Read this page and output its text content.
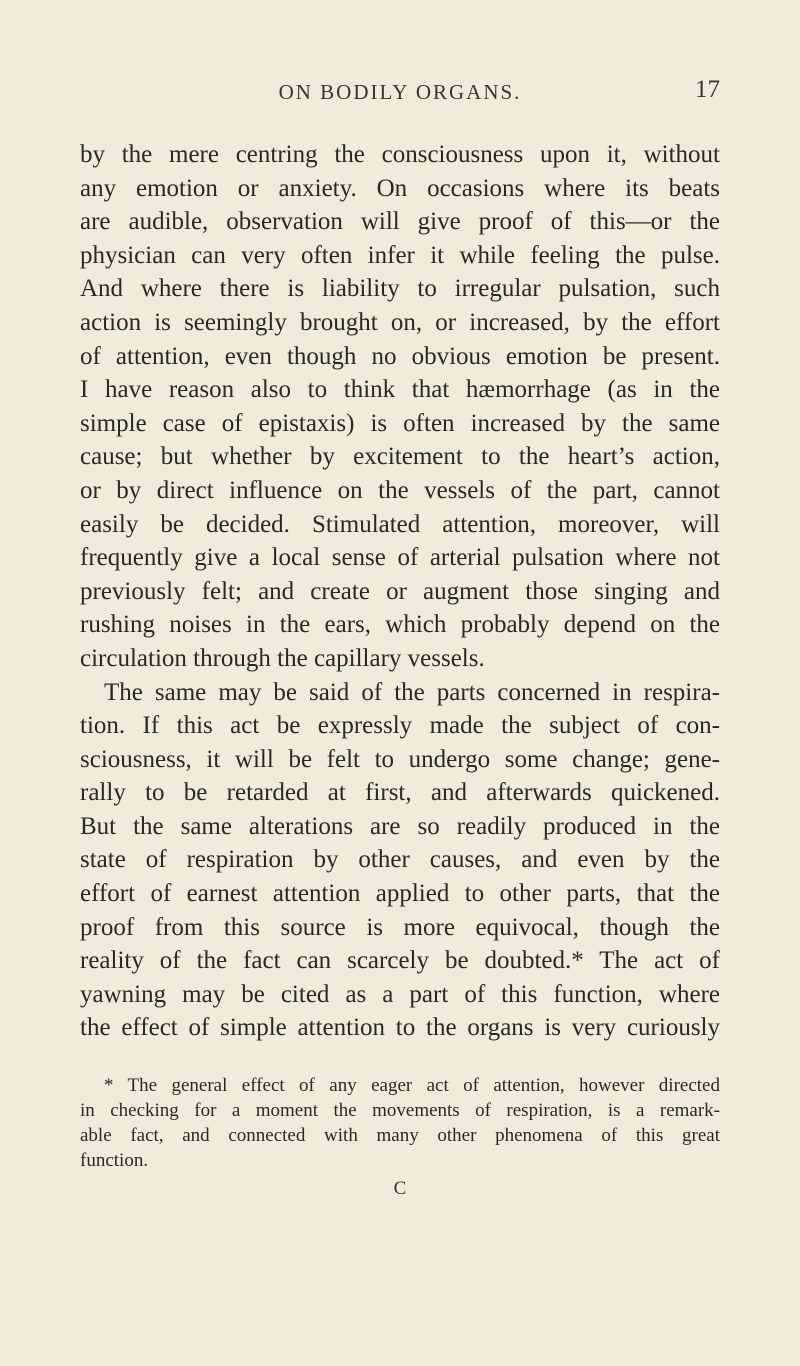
ON BODILY ORGANS.	17
by the mere centring the consciousness upon it, without
any emotion or anxiety. On occasions where its beats
are audible, observation will give proof of this—or the
physician can very often infer it while feeling the pulse.
And where there is liability to irregular pulsation, such
action is seemingly brought on, or increased, by the effort
of attention, even though no obvious emotion be present.
I have reason also to think that hæmorrhage (as in the
simple case of epistaxis) is often increased by the same
cause; but whether by excitement to the heart’s action,
or by direct influence on the vessels of the part, cannot
easily be decided. Stimulated attention, moreover, will
frequently give a local sense of arterial pulsation where not
previously felt; and create or augment those singing and
rushing noises in the ears, which probably depend on the
circulation through the capillary vessels.
The same may be said of the parts concerned in respira-
tion. If this act be expressly made the subject of con-
sciousness, it will be felt to undergo some change; gene-
rally to be retarded at first, and afterwards quickened.
But the same alterations are so readily produced in the
state of respiration by other causes, and even by the
effort of earnest attention applied to other parts, that the
proof from this source is more equivocal, though the
reality of the fact can scarcely be doubted.* The act of
yawning may be cited as a part of this function, where
the effect of simple attention to the organs is very curiously
* The general effect of any eager act of attention, however directed
in checking for a moment the movements of respiration, is a remark-
able fact, and connected with many other phenomena of this great
function.
C
